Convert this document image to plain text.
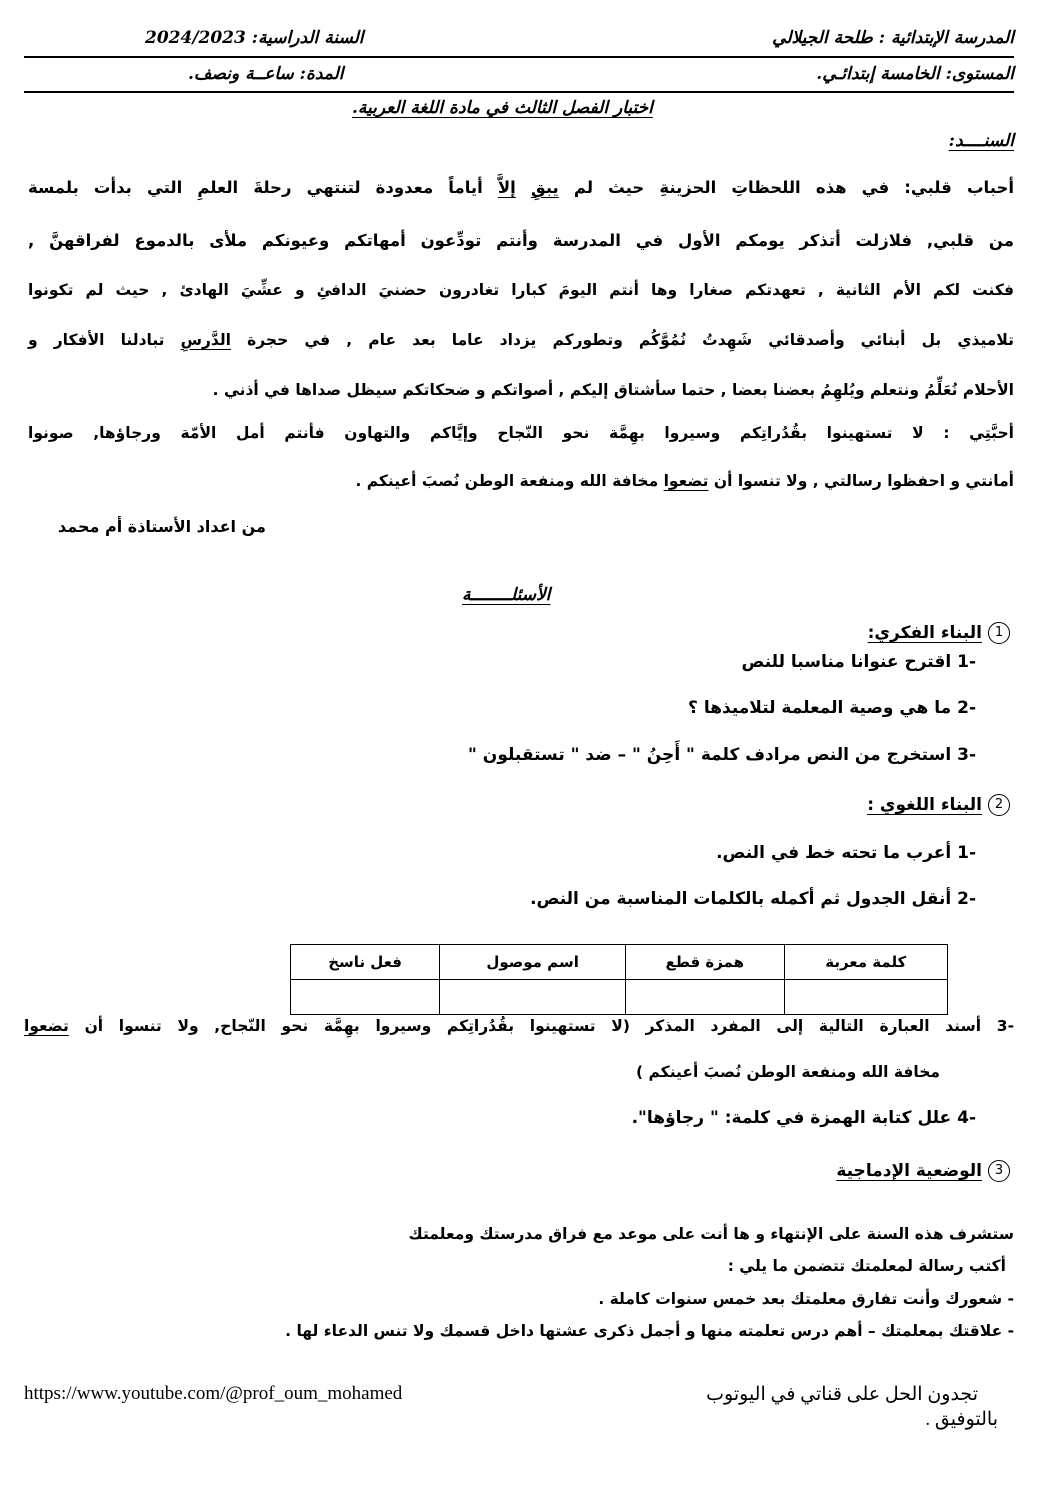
المدرسة الإبتدائية : طلحة الجيلالي
السنة الدراسية: 2024/2023
المستوى: الخامسة إبتدائـي.
المدة: ساعــة ونصف.
اختبار الفصل الثالث في مادة اللغة العربية.
السنــــد:
أحباب قلبي: في هذه اللحظاتِ الحزينةِ حيث لم يبقِ إلاَّ أياماً معدودة لتنتهي رحلةَ العلمِ التي بدأت بلمسة
من قلبي, فلازلت أتذكر يومكم الأول في المدرسة وأنتم تودِّعون أمهاتكم وعيونكم ملأى بالدموع لفراقهنَّ ,
فكنت لكم الأم الثانية , تعهدتكم صغارا وها أنتم اليومَ كبارا تغادرون حضنيَ الدافئِ و عشِّيَ الهادئ , حيث لم تكونوا
تلاميذي بل أبنائي وأصدقائي شَهِدتُ نُمُوَّكُم وتطوركم يزداد عاما بعد عام , في حجرة الدَّرسِ تبادلنا الأفكار و
الأحلام نُعَلِّمُ ونتعلم ويُلهِمُ بعضنا بعضا , حتما سأشتاق إليكم , أصواتكم و ضحكاتكم سيظل صداها في أذني .
أحبَّتِي : لا تستهينوا بقُدُراتِكم وسيروا بهِمَّة نحو النّجاح وإيَّاكم والتهاون فأنتم أمل الأمّة ورجاؤها, صونوا
أمانتي و احفظوا رسالتي , ولا تنسوا أن تضعوا مخافة الله ومنفعة الوطن نُصبَ أعينكم .
من اعداد الأستاذة أم محمد
الأسئلــــــــة
1البناء الفكري:
-1 اقترح عنوانا مناسبا للنص
-2 ما هي وصية المعلمة لتلاميذها ؟
-3 استخرج من النص مرادف كلمة " أَحِنُ " – ضد " تستقبلون "
2البناء اللغوي :
-1 أعرب ما تحته خط في النص.
-2 أنقل الجدول ثم أكمله بالكلمات المناسبة من النص.
كلمة معربة	همزة قطع	اسم موصول	فعل ناسخ

-3 أسند العبارة التالية إلى المفرد المذكر (لا تستهينوا بقُدُراتِكم وسيروا بهِمَّة نحو النّجاح, ولا تنسوا أن تضعوا
مخافة الله ومنفعة الوطن نُصبَ أعينكم )
-4 علل كتابة الهمزة في كلمة: " رجاؤها".
3الوضعية الإدماجية
ستشرف هذه السنة على الإنتهاء و ها أنت على موعد مع فراق مدرستك ومعلمتك
أكتب رسالة لمعلمتك تتضمن ما يلي :
- شعورك وأنت تفارق معلمتك بعد خمس سنوات كاملة .
- علاقتك بمعلمتك – أهم درس تعلمته منها و أجمل ذكرى عشتها داخل قسمك ولا تنس الدعاء لها .
تجدون الحل على قناتي في اليوتوب
https://www.youtube.com/@prof_oum_mohamed
بالتوفيق .
